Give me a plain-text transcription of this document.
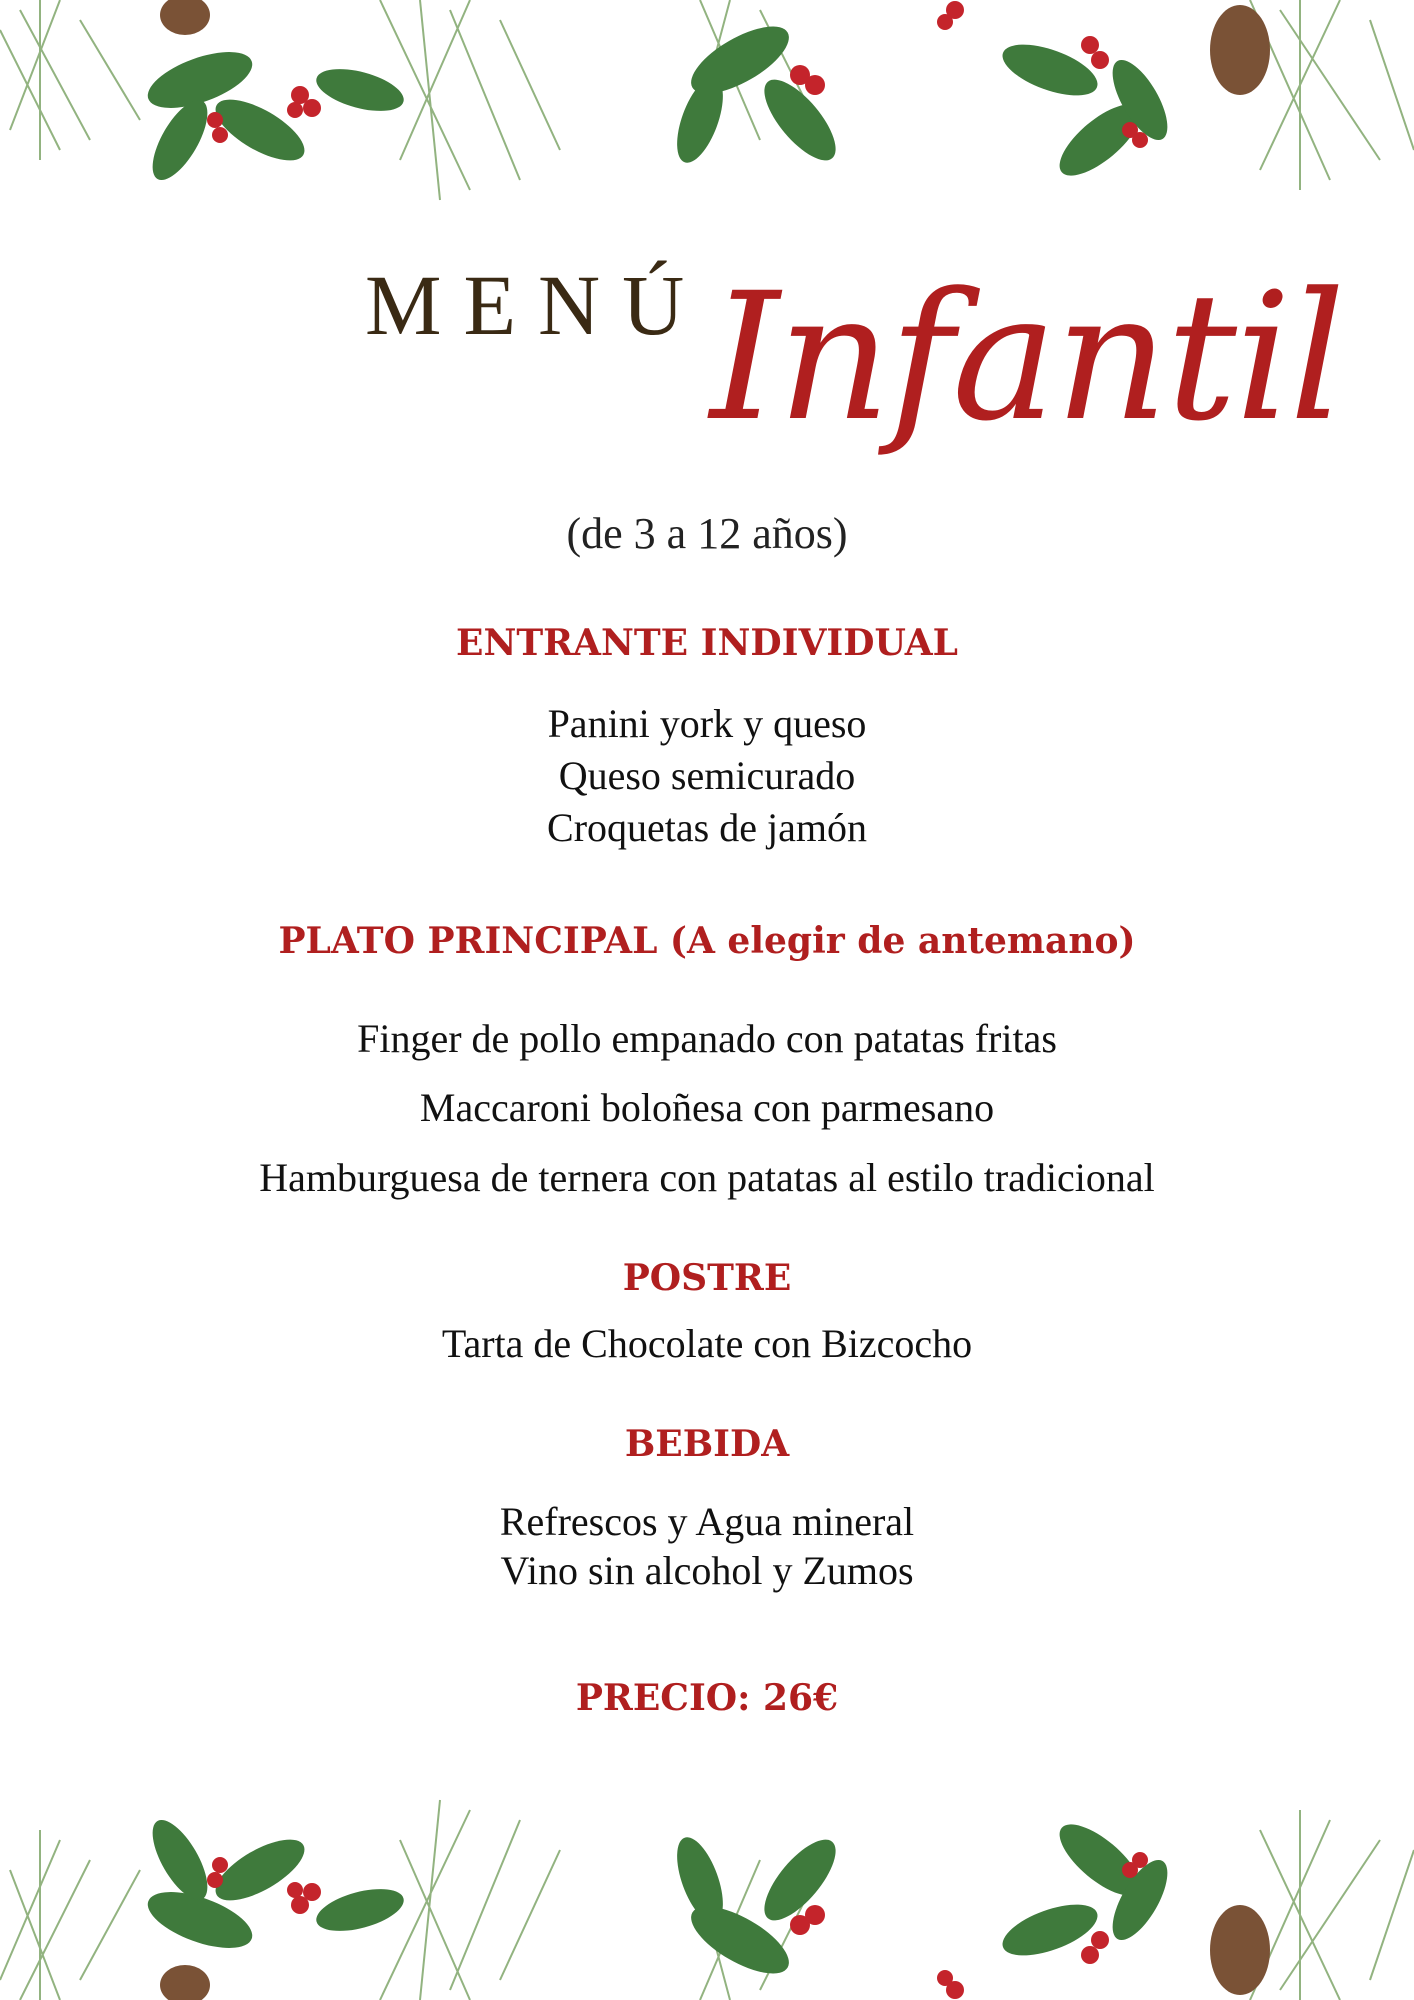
MENÚ Infantil
(de 3 a 12 años)
ENTRANTE INDIVIDUAL
Panini york y queso
Queso semicurado
Croquetas de jamón
PLATO PRINCIPAL (A elegir de antemano)
Finger de pollo empanado con patatas fritas
Maccaroni boloñesa con parmesano
Hamburguesa de ternera con patatas al estilo tradicional
POSTRE
Tarta de Chocolate con Bizcocho
BEBIDA
Refrescos y Agua mineral
Vino sin alcohol y Zumos
PRECIO: 26€
